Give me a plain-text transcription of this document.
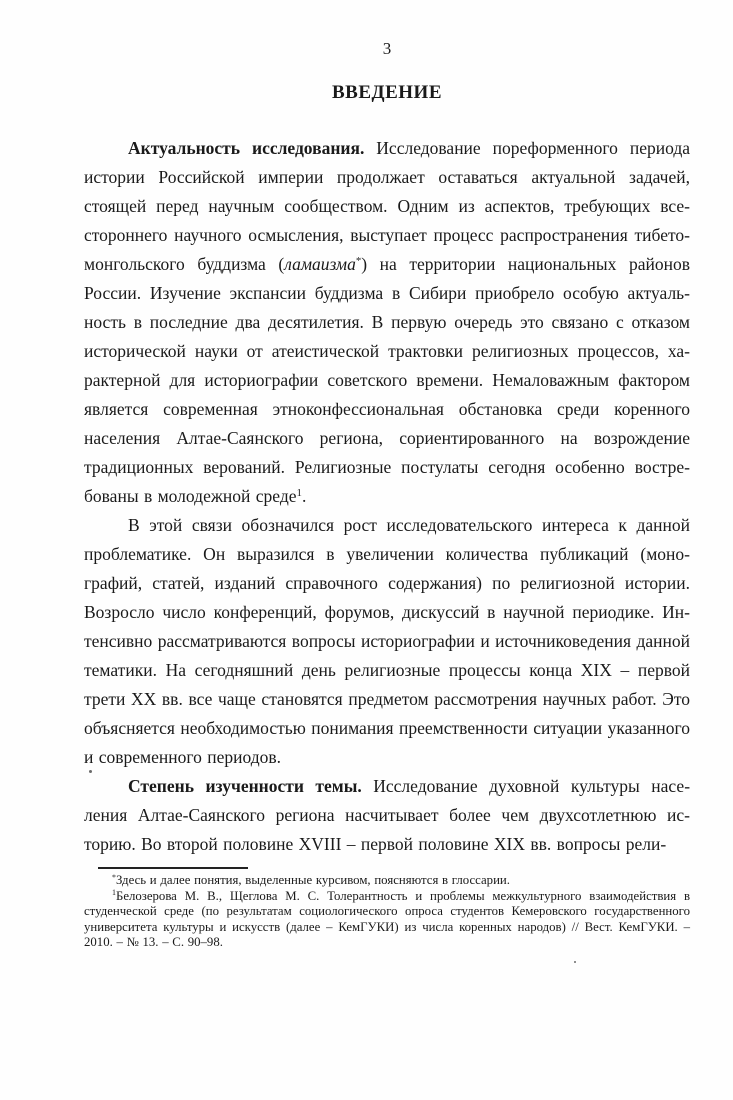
3
ВВЕДЕНИЕ

Актуальность исследования. Исследование пореформенного периода истории Российской империи продолжает оставаться актуальной задачей, стоящей перед научным сообществом. Одним из аспектов, требующих всестороннего научного осмысления, выступает процесс распространения тибето-монгольского буддизма (ламаизма*) на территории национальных районов России. Изучение экспансии буддизма в Сибири приобрело особую актуальность в последние два десятилетия. В первую очередь это связано с отказом исторической науки от атеистической трактовки религиозных процессов, характерной для историографии советского времени. Немаловажным фактором является современная этноконфессиональная обстановка среди коренного населения Алтае-Саянского региона, сориентированного на возрождение традиционных верований. Религиозные постулаты сегодня особенно востребованы в молодежной среде$^1$.

В этой связи обозначился рост исследовательского интереса к данной проблематике. Он выразился в увеличении количества публикаций (монографий, статей, изданий справочного содержания) по религиозной истории. Возросло число конференций, форумов, дискуссий в научной периодике. Интенсивно рассматриваются вопросы историографии и источниковедения данной тематики. На сегодняшний день религиозные процессы конца XIX – первой трети XX вв. все чаще становятся предметом рассмотрения научных работ. Это объясняется необходимостью понимания преемственности ситуации указанного и современного периодов.

Степень изученности темы. Исследование духовной культуры населения Алтае-Саянского региона насчитывает более чем двухсотлетнюю историю. Во второй половине XVIII – первой половине XIX вв. вопросы рели-

*Здесь и далее понятия, выделенные курсивом, поясняются в глоссарии.

$^1$Белозерова М. В., Щеглова М. С. Толерантность и проблемы межкультурного взаимодействия в студенческой среде (по результатам социологического опроса студентов Кемеровского государственного университета культуры и искусств (далее – КемГУКИ) из числа коренных народов) // Вест. КемГУКИ. – 2010. – № 13. – С. 90–98.
